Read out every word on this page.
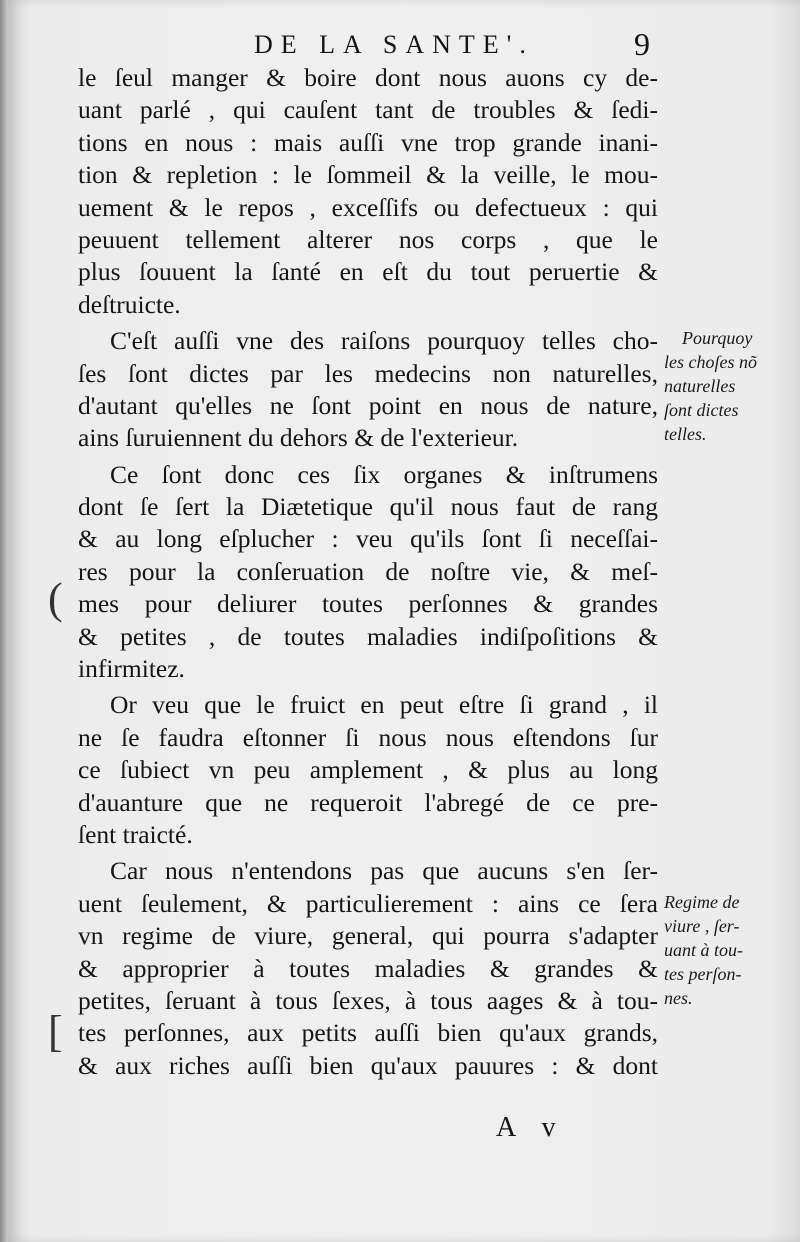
DE LA SANTE'.	9
le ſeul manger & boire dont nous auons cy de-
uant parlé , qui cauſent tant de troubles & ſedi-
tions en nous : mais auſſi vne trop grande inani-
tion & repletion : le ſommeil & la veille, le mou-
uement & le repos , exceſſifs ou defectueux : qui
peuuent tellement alterer nos corps , que le
plus ſouuent la ſanté en eſt du tout peruertie &
deſtruicte.
C'eſt auſſi vne des raiſons pourquoy telles cho-
ſes ſont dictes par les medecins non naturelles,
d'autant qu'elles ne ſont point en nous de nature,
ains ſuruiennent du dehors & de l'exterieur.
Ce ſont donc ces ſix organes & inſtrumens
dont ſe ſert la Diætetique qu'il nous faut de rang
& au long eſplucher : veu qu'ils ſont ſi neceſſai-
res pour la conſeruation de noſtre vie, & meſ-
mes pour deliurer toutes perſonnes & grandes
& petites , de toutes maladies indiſpoſitions &
infirmitez.
Or veu que le fruict en peut eſtre ſi grand , il
ne ſe faudra eſtonner ſi nous nous eſtendons ſur
ce ſubiect vn peu amplement , & plus au long
d'auanture que ne requeroit l'abregé de ce pre-
ſent traicté.
Car nous n'entendons pas que aucuns s'en ſer-
uent ſeulement, & particulierement : ains ce ſera
vn regime de viure, general, qui pourra s'adapter
& approprier à toutes maladies & grandes &
petites, ſeruant à tous ſexes, à tous aages & à tou-
tes perſonnes, aux petits auſſi bien qu'aux grands,
& aux riches auſſi bien qu'aux pauures : & dont
Pourquoy
les choſes nõ
naturelles
ſont dictes
telles.
Regime de
viure , ſer-
uant à tou-
tes perſon-
nes.
(
[
A v
